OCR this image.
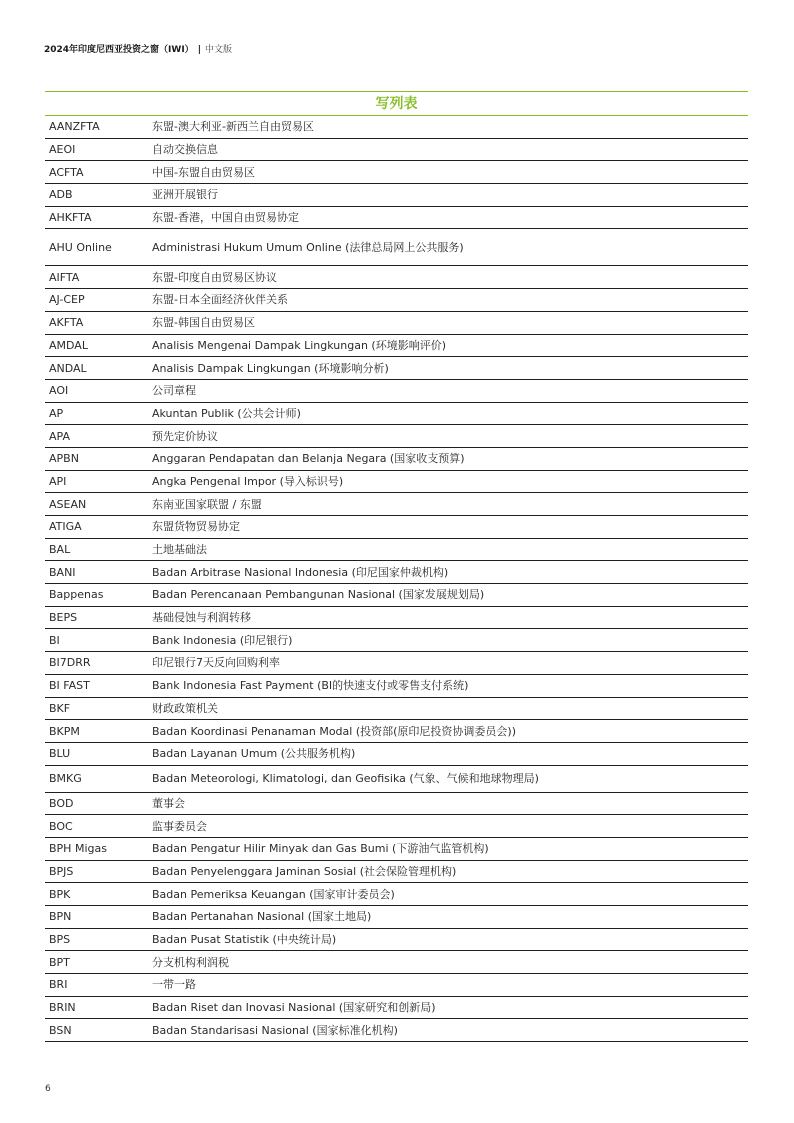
2024年印度尼西亚投资之窗（IWI） | 中文版
写列表
AANZFTA	东盟-澳大利亚-新西兰自由贸易区
AEOI	自动交换信息
ACFTA	中国-东盟自由贸易区
ADB	亚洲开展银行
AHKFTA	东盟-香港，中国自由贸易协定
AHU Online	Administrasi Hukum Umum Online (法律总局网上公共服务)
AIFTA	东盟-印度自由贸易区协议
AJ-CEP	东盟-日本全面经济伙伴关系
AKFTA	东盟-韩国自由贸易区
AMDAL	Analisis Mengenai Dampak Lingkungan (环境影响评价)
ANDAL	Analisis Dampak Lingkungan (环境影响分析)
AOI	公司章程
AP	Akuntan Publik (公共会计师)
APA	预先定价协议
APBN	Anggaran Pendapatan dan Belanja Negara (国家收支预算)
API	Angka Pengenal Impor (导入标识号)
ASEAN	东南亚国家联盟 / 东盟
ATIGA	东盟货物贸易协定
BAL	土地基础法
BANI	Badan Arbitrase Nasional Indonesia (印尼国家仲裁机构)
Bappenas	Badan Perencanaan Pembangunan Nasional (国家发展规划局)
BEPS	基础侵蚀与利润转移
BI	Bank Indonesia (印尼银行)
BI7DRR	印尼银行7天反向回购利率
BI FAST	Bank Indonesia Fast Payment (BI的快速支付或零售支付系统)
BKF	财政政策机关
BKPM	Badan Koordinasi Penanaman Modal (投资部(原印尼投资协调委员会))
BLU	Badan Layanan Umum (公共服务机构)
BMKG	Badan Meteorologi, Klimatologi, dan Geofisika (气象、气候和地球物理局)
BOD	董事会
BOC	监事委员会
BPH Migas	Badan Pengatur Hilir Minyak dan Gas Bumi (下游油气监管机构)
BPJS	Badan Penyelenggara Jaminan Sosial (社会保险管理机构)
BPK	Badan Pemeriksa Keuangan (国家审计委员会)
BPN	Badan Pertanahan Nasional (国家土地局)
BPS	Badan Pusat Statistik (中央统计局)
BPT	分支机构利润税
BRI	一带一路
BRIN	Badan Riset dan Inovasi Nasional (国家研究和创新局)
BSN	Badan Standarisasi Nasional (国家标准化机构)
6
